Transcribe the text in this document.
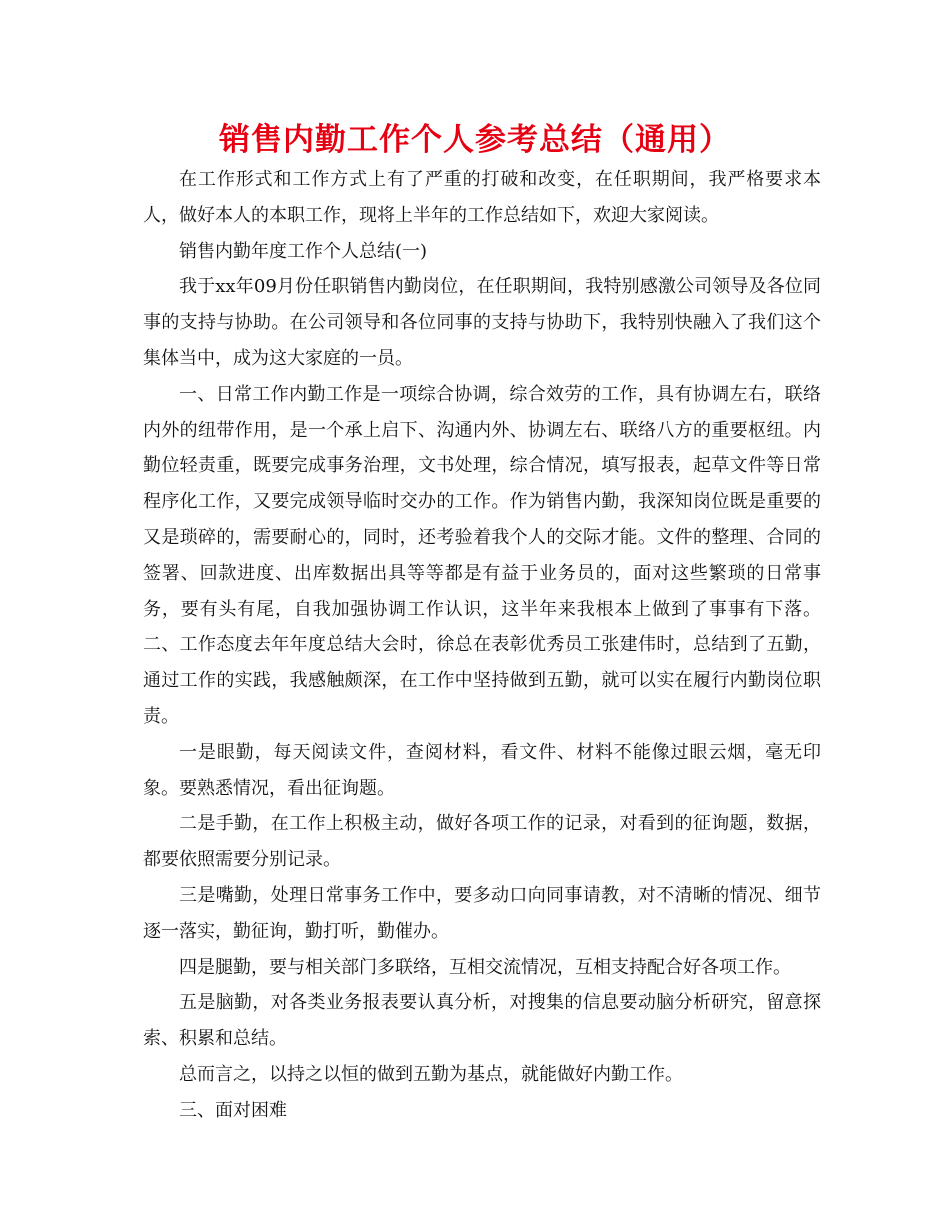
销售内勤工作个人参考总结（通用）

在工作形式和工作方式上有了严重的打破和改变，在任职期间，我严格要求本人，做好本人的本职工作，现将上半年的工作总结如下，欢迎大家阅读。

销售内勤年度工作个人总结(一)

我于xx年09月份任职销售内勤岗位，在任职期间，我特别感激公司领导及各位同事的支持与协助。在公司领导和各位同事的支持与协助下，我特别快融入了我们这个集体当中，成为这大家庭的一员。

一、日常工作内勤工作是一项综合协调，综合效劳的工作，具有协调左右，联络内外的纽带作用，是一个承上启下、沟通内外、协调左右、联络八方的重要枢纽。内勤位轻责重，既要完成事务治理，文书处理，综合情况，填写报表，起草文件等日常程序化工作，又要完成领导临时交办的工作。作为销售内勤，我深知岗位既是重要的又是琐碎的，需要耐心的，同时，还考验着我个人的交际才能。文件的整理、合同的签署、回款进度、出库数据出具等等都是有益于业务员的，面对这些繁琐的日常事务，要有头有尾，自我加强协调工作认识，这半年来我根本上做到了事事有下落。二、工作态度去年年度总结大会时，徐总在表彰优秀员工张建伟时，总结到了五勤，通过工作的实践，我感触颇深，在工作中坚持做到五勤，就可以实在履行内勤岗位职责。

一是眼勤，每天阅读文件，查阅材料，看文件、材料不能像过眼云烟，毫无印象。要熟悉情况，看出征询题。

二是手勤，在工作上积极主动，做好各项工作的记录，对看到的征询题，数据，都要依照需要分别记录。

三是嘴勤，处理日常事务工作中，要多动口向同事请教，对不清晰的情况、细节逐一落实，勤征询，勤打听，勤催办。

四是腿勤，要与相关部门多联络，互相交流情况，互相支持配合好各项工作。

五是脑勤，对各类业务报表要认真分析，对搜集的信息要动脑分析研究，留意探索、积累和总结。

总而言之，以持之以恒的做到五勤为基点，就能做好内勤工作。

三、面对困难
